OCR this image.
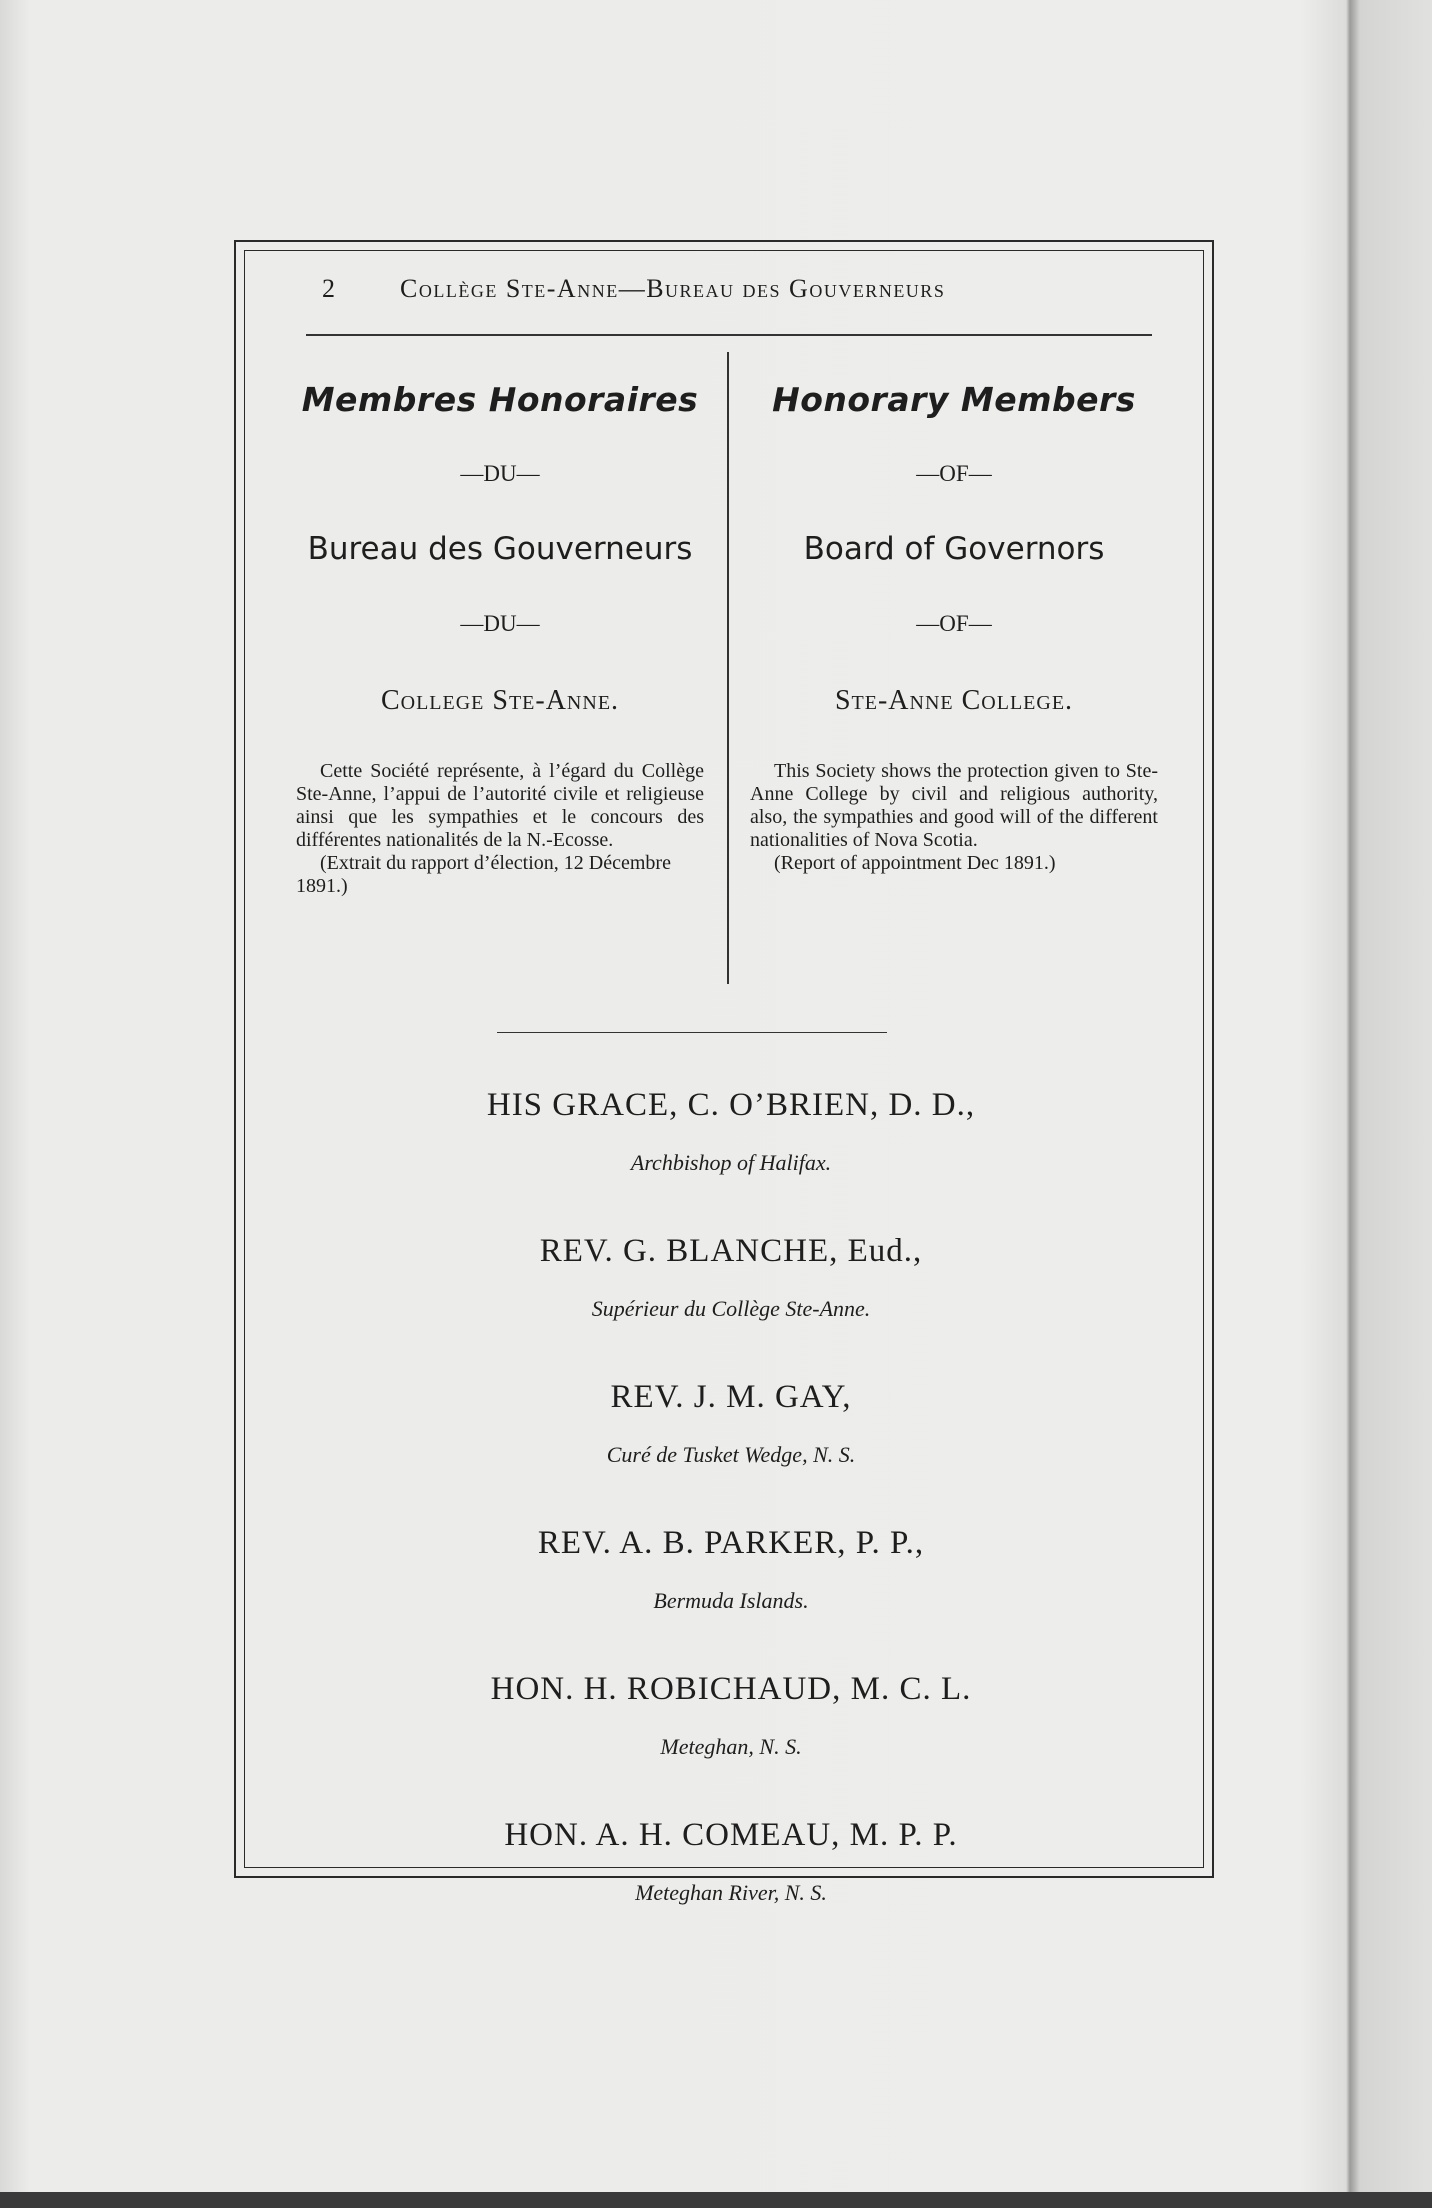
2	Collège Ste-Anne—Bureau des Gouverneurs
Membres Honoraires
—DU—
Bureau des Gouverneurs
—DU—
College Ste-Anne.
Cette Société représente, à l’égard du Collège Ste-Anne, l’appui de l’autorité civile et religieuse ainsi que les sympathies et le concours des différentes nationalités de la N.-Ecosse.
(Extrait du rapport d’élection, 12 Décembre 1891.)
Honorary Members
—OF—
Board of Governors
—OF—
Ste-Anne College.
This Society shows the protection given to Ste-Anne College by civil and religious authority, also, the sympathies and good will of the different nationalities of Nova Scotia.
(Report of appointment Dec 1891.)
HIS GRACE, C. O’BRIEN, D. D.,
Archbishop of Halifax.
REV. G. BLANCHE, Eud.,
Supérieur du Collège Ste-Anne.
REV. J. M. GAY,
Curé de Tusket Wedge, N. S.
REV. A. B. PARKER, P. P.,
Bermuda Islands.
HON. H. ROBICHAUD, M. C. L.
Meteghan, N. S.
HON. A. H. COMEAU, M. P. P.
Meteghan River, N. S.
